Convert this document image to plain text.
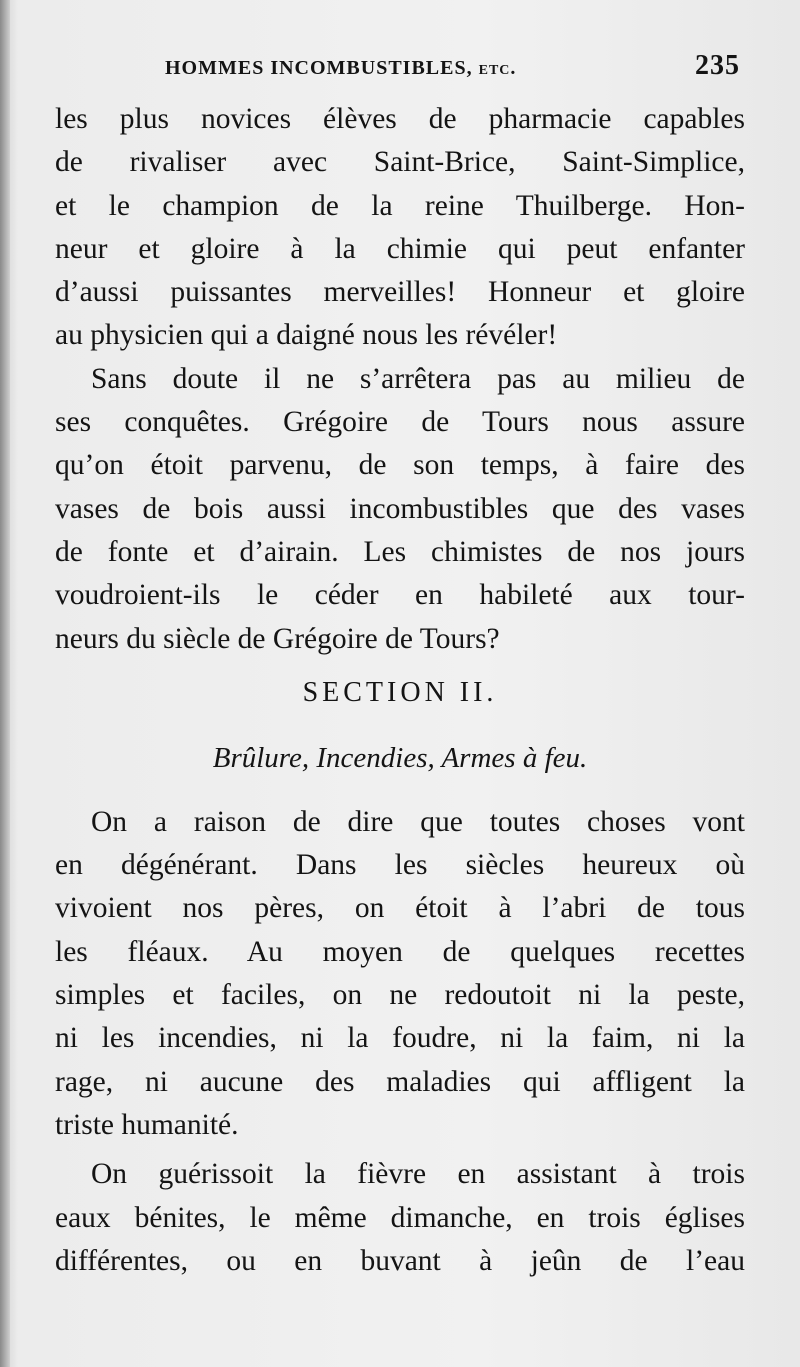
HOMMES INCOMBUSTIBLES, etc.	235
les plus novices élèves de pharmacie capables
de rivaliser avec Saint-Brice, Saint-Simplice,
et le champion de la reine Thuilberge. Hon-
neur et gloire à la chimie qui peut enfanter
d’aussi puissantes merveilles! Honneur et gloire
au physicien qui a daigné nous les révéler!
Sans doute il ne s’arrêtera pas au milieu de
ses conquêtes. Grégoire de Tours nous assure
qu’on étoit parvenu, de son temps, à faire des
vases de bois aussi incombustibles que des vases
de fonte et d’airain. Les chimistes de nos jours
voudroient-ils le céder en habileté aux tour-
neurs du siècle de Grégoire de Tours?
SECTION II.
Brûlure, Incendies, Armes à feu.
On a raison de dire que toutes choses vont
en dégénérant. Dans les siècles heureux où
vivoient nos pères, on étoit à l’abri de tous
les fléaux. Au moyen de quelques recettes
simples et faciles, on ne redoutoit ni la peste,
ni les incendies, ni la foudre, ni la faim, ni la
rage, ni aucune des maladies qui affligent la
triste humanité.
On guérissoit la fièvre en assistant à trois
eaux bénites, le même dimanche, en trois églises
différentes, ou en buvant à jeûn de l’eau
